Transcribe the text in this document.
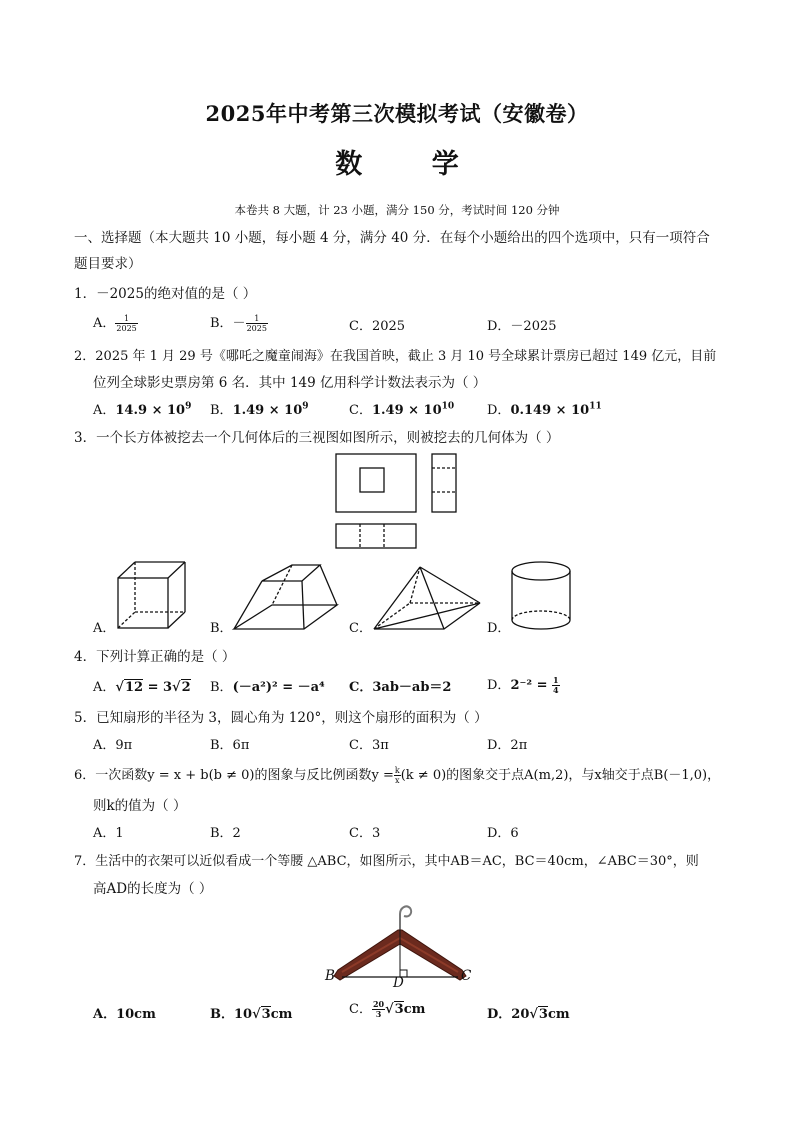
2025年中考第三次模拟考试（安徽卷）
数 学
本卷共 8 大题，计 23 小题，满分 150 分，考试时间 120 分钟
一、选择题（本大题共 10 小题，每小题 4 分，满分 40 分．在每个小题给出的四个选项中，只有一项符合
题目要求）
1．－2025的绝对值的是（ ）
A． $\frac{1}{2025}$	B．－ $\frac{1}{2025}$	C．2025	D．－2025
2．2025 年 1 月 29 号《哪吒之魔童闹海》在我国首映，截止 3 月 10 号全球累计票房已超过 149 亿元，目前
位列全球影史票房第 6 名．其中 149 亿用科学计数法表示为（ ）
A．$14.9 \times 10^9$ B．$1.49 \times 10^9$	C．$1.49 \times 10^{10}$	D．$0.149 \times 10^{11}$
3．一个长方体被挖去一个几何体后的三视图如图所示，则被挖去的几何体为（ ）
A．	B．	C．	D．
4．下列计算正确的是（ ）
A．√12 = 3√2 B．(－a²)² = －a⁴ C．3ab－ab＝2	D．$2^{-2} = \frac{1}{4}$
5．已知扇形的半径为 3，圆心角为 120°，则这个扇形的面积为（ ）
A．9π	B．6π	C．3π	D．2π
6．一次函数y = x + b(b ≠ 0)的图象与反比例函数$y = \frac{k}{x} (k \ne 0)$的图象交于点A(m,2)，与x轴交于点B(－1,0)，
则k的值为（ ）
A．1	B．2	C．3	D．6
7．生活中的衣架可以近似看成一个等腰 △ABC，如图所示，其中AB＝AC，BC＝40cm，∠ABC＝30°，则
高AD的长度为（ ）
B	D	C
A．10cm	B．10√3cm	C． $\frac{20}{3} √3cm$	D．20√3cm
